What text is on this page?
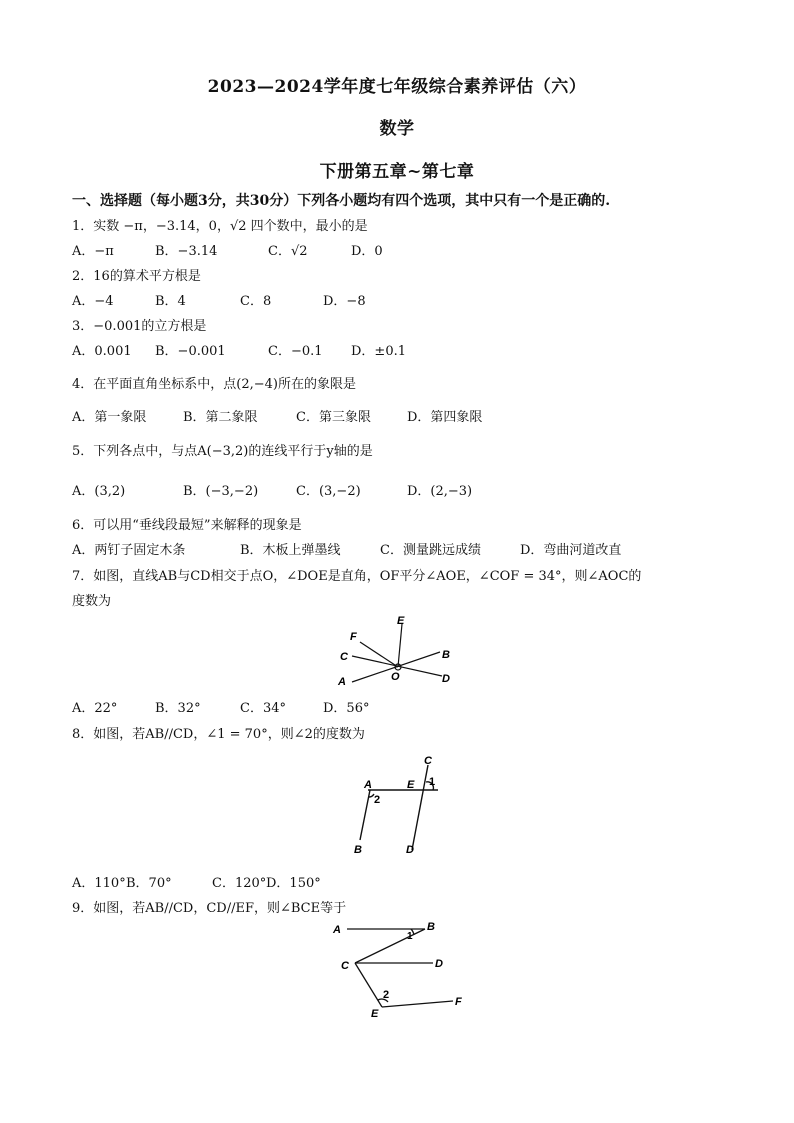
2023—2024学年度七年级综合素养评估（六）
数学
下册第五章~第七章
一、选择题（每小题3分，共30分）下列各小题均有四个选项，其中只有一个是正确的.
1．实数 −π，−3.14，0，√2 四个数中，最小的是
A．−π	B．−3.14	C．√2	D．0
2．16的算术平方根是
A．−4	B．4	C．8	D．−8
3．−0.001的立方根是
A．0.001 B．−0.001	C．−0.1 D．±0.1
4．在平面直角坐标系中，点(2,−4)所在的象限是
A．第一象限	B．第二象限	C．第三象限	D．第四象限
5．下列各点中，与点A(−3,2)的连线平行于y轴的是
A．(3,2)	B．(−3,−2)	C．(3,−2)	D．(2,−3)
6．可以用“垂线段最短”来解释的现象是
A．两钉子固定木条	B．木板上弹墨线	C．测量跳远成绩	D．弯曲河道改直
7．如图，直线AB与CD相交于点O，∠DOE是直角，OF平分∠AOE，∠COF = 34°，则∠AOC的
度数为
E
F
C	B
A	O	D
A．22°	B．32°	C．34°	D．56°
8．如图，若AB//CD，∠1 = 70°，则∠2的度数为
C
A	E 1
2
B	D
A．110° B．70°	C．120° D．150°
9．如图，若AB//CD，CD//EF，则∠BCE等于
A	B
1
C	D
2
E
F
